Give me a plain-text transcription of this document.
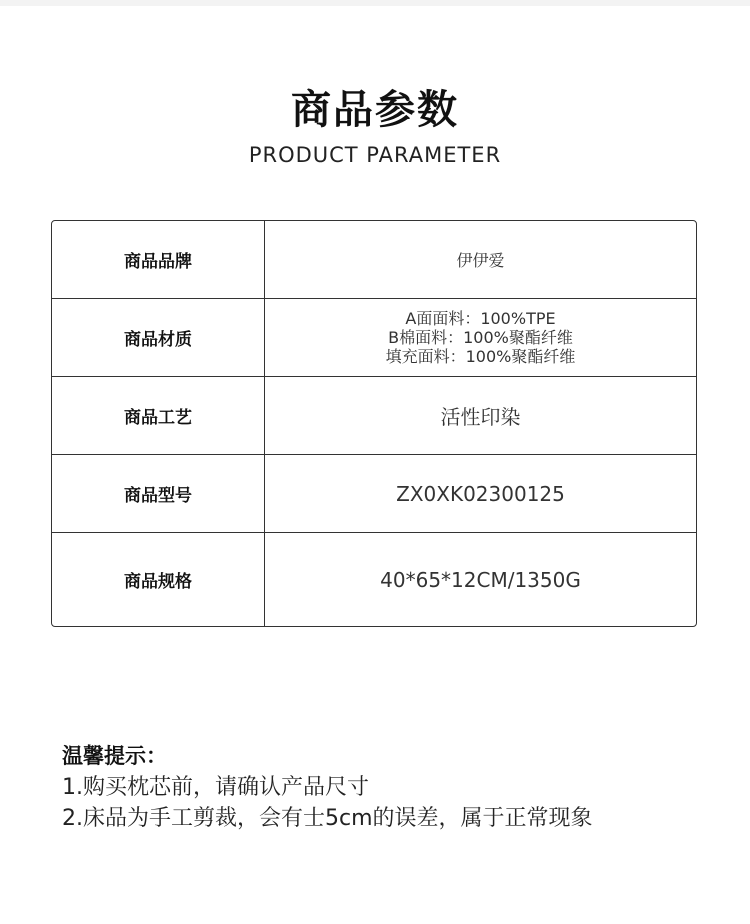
商品参数
PRODUCT PARAMETER
商品品牌	伊伊爱
商品材质
A面面料：100%TPE
B棉面料：100%聚酯纤维
填充面料：100%聚酯纤维
商品工艺	活性印染
商品型号	ZX0XK02300125
商品规格	40*65*12CM/1350G
温馨提示：
1.购买枕芯前，请确认产品尺寸
2.床品为手工剪裁，会有士5cm的误差，属于正常现象
